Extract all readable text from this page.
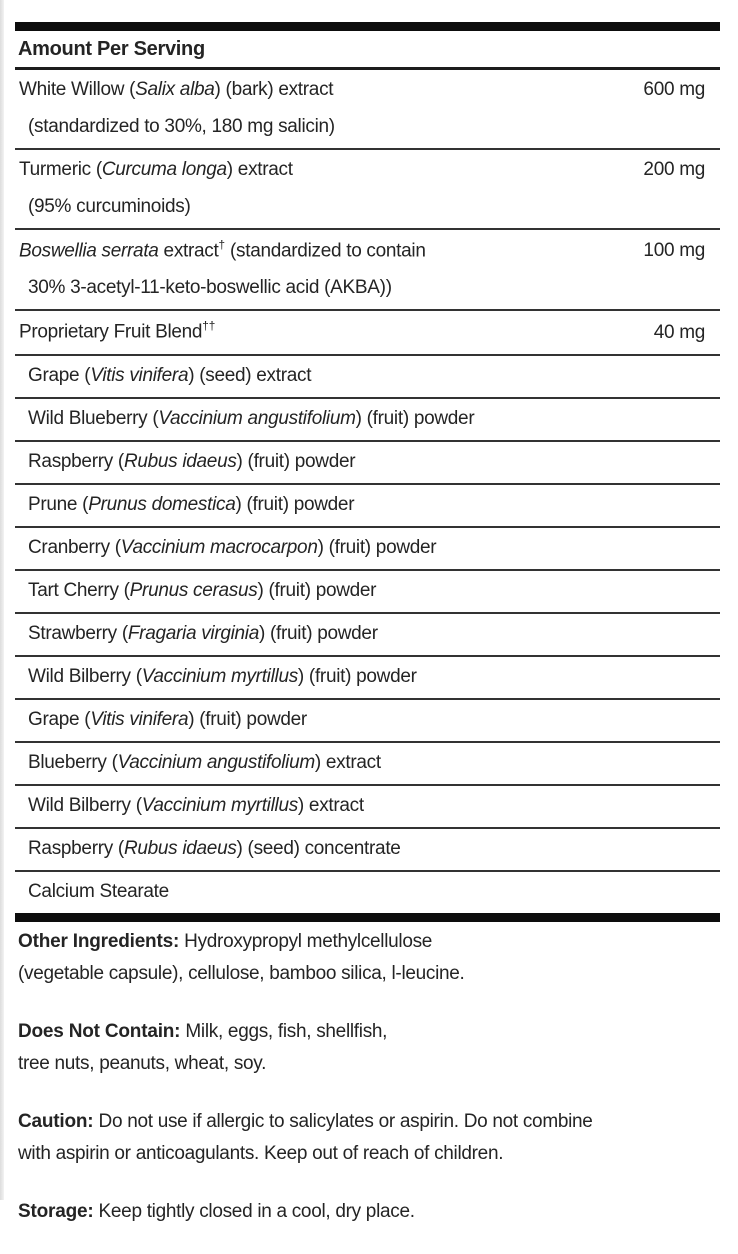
Amount Per Serving
White Willow (Salix alba) (bark) extract	600 mg
(standardized to 30%, 180 mg salicin)
Turmeric (Curcuma longa) extract	200 mg
(95% curcuminoids)
Boswellia serrata extract† (standardized to contain	100 mg
30% 3-acetyl-11-keto-boswellic acid (AKBA))
Proprietary Fruit Blend††	40 mg
Grape (Vitis vinifera) (seed) extract
Wild Blueberry (Vaccinium angustifolium) (fruit) powder
Raspberry (Rubus idaeus) (fruit) powder
Prune (Prunus domestica) (fruit) powder
Cranberry (Vaccinium macrocarpon) (fruit) powder
Tart Cherry (Prunus cerasus) (fruit) powder
Strawberry (Fragaria virginia) (fruit) powder
Wild Bilberry (Vaccinium myrtillus) (fruit) powder
Grape (Vitis vinifera) (fruit) powder
Blueberry (Vaccinium angustifolium) extract
Wild Bilberry (Vaccinium myrtillus) extract
Raspberry (Rubus idaeus) (seed) concentrate
Calcium Stearate

Other Ingredients: Hydroxypropyl methylcellulose
(vegetable capsule), cellulose, bamboo silica, l-leucine.

Does Not Contain: Milk, eggs, fish, shellfish,
tree nuts, peanuts, wheat, soy.

Caution: Do not use if allergic to salicylates or aspirin. Do not combine
with aspirin or anticoagulants. Keep out of reach of children.

Storage: Keep tightly closed in a cool, dry place.
